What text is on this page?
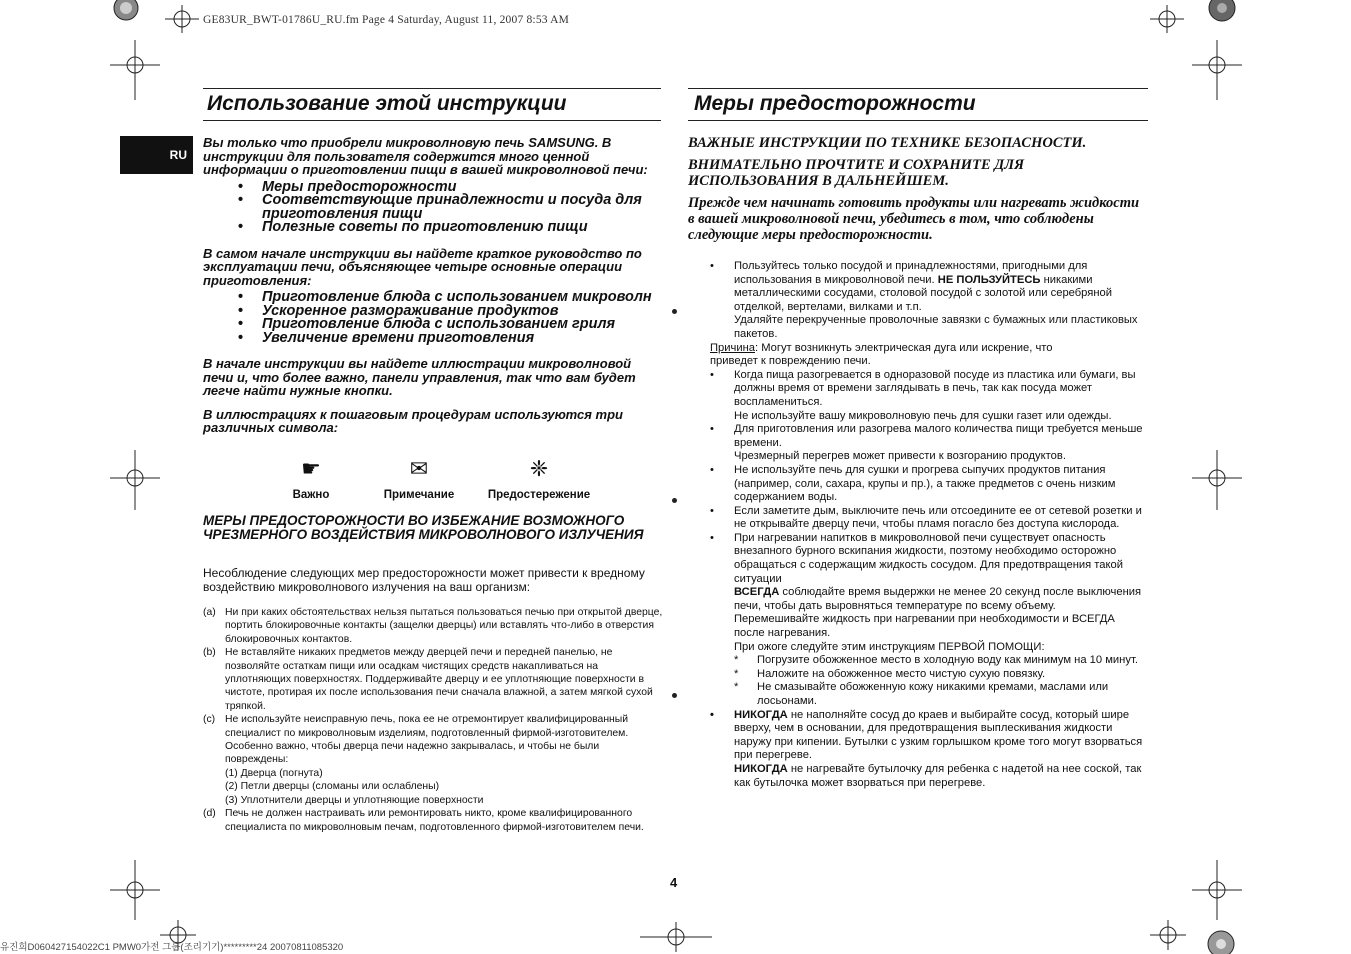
GE83UR_BWT-01786U_RU.fm Page 4 Saturday, August 11, 2007 8:53 AM
유진희D060427154022C1 PMW0가전 그룹(조리기기)*********24 20070811085320
Использование этой инструкции
RU

Вы только что приобрели микроволновую печь SAMSUNG. В инструкции для пользователя содержится много ценной информации о приготовлении пищи в вашей микроволновой печи:

• Меры предосторожности
• Соответствующие принадлежности и посуда для приготовления пищи
• Полезные советы по приготовлению пищи

В самом начале инструкции вы найдете краткое руководство по эксплуатации печи, объясняющее четыре основные операции приготовления:

• Приготовление блюда с использованием микроволн
• Ускоренное размораживание продуктов
• Приготовление блюда с использованием гриля
• Увеличение времени приготовления

В начале инструкции вы найдете иллюстрации микроволновой печи и, что более важно, панели управления, так что вам будет легче найти нужные кнопки.

В иллюстрациях к пошаговым процедурам используются три различных символа:

☛
Важно
✉
Примечание
❈
Предостережение
МЕРЫ ПРЕДОСТОРОЖНОСТИ ВО ИЗБЕЖАНИЕ ВОЗМОЖНОГО ЧРЕЗМЕРНОГО ВОЗДЕЙСТВИЯ МИКРОВОЛНОВОГО ИЗЛУЧЕНИЯ
Несоблюдение следующих мер предосторожности может привести к вредному воздействию микроволнового излучения на ваш организм:
(a) Ни при каких обстоятельствах нельзя пытаться пользоваться печью при открытой дверце, портить блокировочные контакты (защелки дверцы) или вставлять что-либо в отверстия блокировочных контактов.
(b) Не вставляйте никаких предметов между дверцей печи и передней панелью, не позволяйте остаткам пищи или осадкам чистящих средств накапливаться на уплотняющих поверхностях. Поддерживайте дверцу и ее уплотняющие поверхности в чистоте, протирая их после использования печи сначала влажной, а затем мягкой сухой тряпкой.
(c) Не используйте неисправную печь, пока ее не отремонтирует квалифицированный специалист по микроволновым изделиям, подготовленный фирмой-изготовителем.
Особенно важно, чтобы дверца печи надежно закрывалась, и чтобы не были повреждены:
(1) Дверца (погнута)
(2) Петли дверцы (сломаны или ослаблены)
(3) Уплотнители дверцы и уплотняющие поверхности
(d) Печь не должен настраивать или ремонтировать никто, кроме квалифицированного специалиста по микроволновым печам, подготовленного фирмой-изготовителем печи.
4
Меры предосторожности

ВАЖНЫЕ ИНСТРУКЦИИ ПО ТЕХНИКЕ БЕЗОПАСНОСТИ.

ВНИМАТЕЛЬНО ПРОЧТИТЕ И СОХРАНИТЕ ДЛЯ ИСПОЛЬЗОВАНИЯ В ДАЛЬНЕЙШЕМ.

Прежде чем начинать готовить продукты или нагревать жидкости в вашей микроволновой печи, убедитесь в том, что соблюдены следующие меры предосторожности.

•	Пользуйтесь только посудой и принадлежностями, пригодными для использования в микроволновой печи. НЕ ПОЛЬЗУЙТЕСЬ никакими металлическими сосудами, столовой посудой с золотой или серебряной отделкой, вертелами, вилками и т.п.
Удаляйте перекрученные проволочные завязки с бумажных или пластиковых пакетов.
Причина: Могут возникнуть электрическая дуга или искрение, что
приведет к повреждению печи.
•	Когда пища разогревается в одноразовой посуде из пластика или бумаги, вы должны время от времени заглядывать в печь, так как посуда может воспламениться.
Не используйте вашу микроволновую печь для сушки газет или одежды.
•	Для приготовления или разогрева малого количества пищи требуется меньше времени.
Чрезмерный перегрев может привести к возгоранию продуктов.
•	Не используйте печь для сушки и прогрева сыпучих продуктов питания (например, соли, сахара, крупы и пр.), а также предметов с очень низким содержанием воды.
•	Если заметите дым, выключите печь или отсоедините ее от сетевой розетки и не открывайте дверцу печи, чтобы пламя погасло без доступа кислорода.
•	При нагревании напитков в микроволновой печи существует опасность внезапного бурного вскипания жидкости, поэтому необходимо осторожно обращаться с содержащим жидкость сосудом. Для предотвращения такой ситуации
ВСЕГДА соблюдайте время выдержки не менее 20 секунд после выключения печи, чтобы дать выровняться температуре по всему объему.
Перемешивайте жидкость при нагревании при необходимости и ВСЕГДА после нагревания.
При ожоге следуйте этим инструкциям ПЕРВОЙ ПОМОЩИ:
*	Погрузите обожженное место в холодную воду как минимум на 10 минут.
*	Наложите на обожженное место чистую сухую повязку.
*	Не смазывайте обожженную кожу никакими кремами, маслами или лосьонами.
•	НИКОГДА не наполняйте сосуд до краев и выбирайте сосуд, который шире вверху, чем в основании, для предотвращения выплескивания жидкости наружу при кипении. Бутылки с узким горлышком кроме того могут взорваться при перегреве.
НИКОГДА не нагревайте бутылочку для ребенка с надетой на нее соской, так как бутылочка может взорваться при перегреве.
